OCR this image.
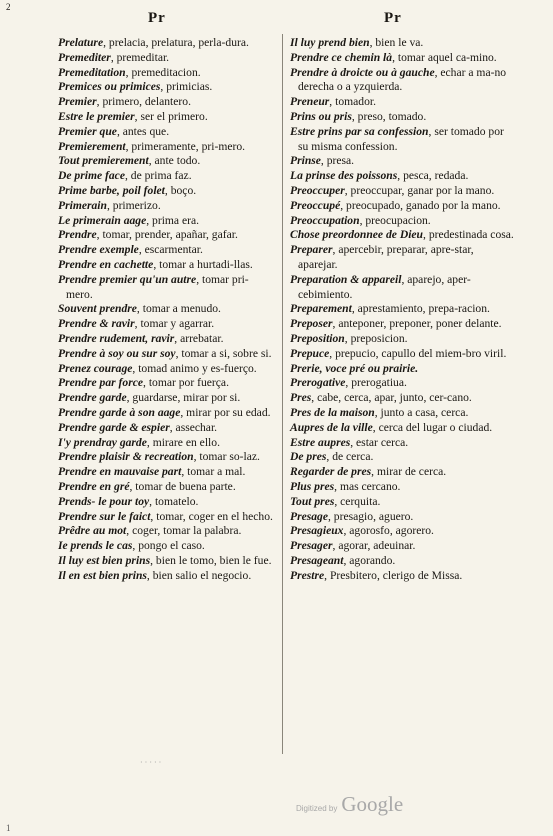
2
Pr	Pr

Prelature, prelacia, prelatura, perla-dura.

Premediter, premeditar.

Premeditation, premeditacion.

Premices ou primices, primicias.

Premier, primero, delantero.

Estre le premier, ser el primero.

Premier que, antes que.

Premierement, primeramente, pri-mero.

Tout premierement, ante todo.

De prime face, de prima faz.

Prime barbe, poil folet, boço.

Primerain, primerizo.

Le primerain aage, prima era.

Prendre, tomar, prender, apañar, gafar.

Prendre exemple, escarmentar.

Prendre en cachette, tomar a hurtadi-llas.

Prendre premier qu'un autre, tomar pri-mero.

Souvent prendre, tomar a menudo.

Prendre & ravir, tomar y agarrar.

Prendre rudement, ravir, arrebatar.

Prendre à soy ou sur soy, tomar a si, sobre si.

Prenez courage, tomad animo y es-fuerço.

Prendre par force, tomar por fuerça.

Prendre garde, guardarse, mirar por si.

Prendre garde à son aage, mirar por su edad.

Prendre garde & espier, assechar.

I'y prendray garde, mirare en ello.

Prendre plaisir & recreation, tomar so-laz.

Prendre en mauvaise part, tomar a mal.

Prendre en gré, tomar de buena parte.

Prends- le pour toy, tomatelo.

Prendre sur le faict, tomar, coger en el hecho.

Prêdre au mot, coger, tomar la palabra.

Ie prends le cas, pongo el caso.

Il luy est bien prins, bien le tomo, bien le fue.

Il en est bien prins, bien salio el negocio.

Il luy prend bien, bien le va.

Prendre ce chemin là, tomar aquel ca-mino.

Prendre à droicte ou à gauche, echar a ma-no derecha o a yzquierda.

Preneur, tomador.

Prins ou pris, preso, tomado.

Estre prins par sa confession, ser tomado por su misma confession.

Prinse, presa.

La prinse des poissons, pesca, redada.

Preoccuper, preoccupar, ganar por la mano.

Preoccupé, preocupado, ganado por la mano.

Preoccupation, preocupacion.

Chose preordonnee de Dieu, predestinada cosa.

Preparer, apercebir, preparar, apre-star, aparejar.

Preparation & appareil, aparejo, aper-cebimiento.

Preparement, aprestamiento, prepa-racion.

Preposer, anteponer, preponer, poner delante.

Preposition, preposicion.

Prepuce, prepucio, capullo del miem-bro viril.

Prerie, voce pré ou prairie.

Prerogative, prerogatiua.

Pres, cabe, cerca, apar, junto, cer-cano.

Pres de la maison, junto a casa, cerca.

Aupres de la ville, cerca del lugar o ciudad.

Estre aupres, estar cerca.

De pres, de cerca.

Regarder de pres, mirar de cerca.

Plus pres, mas cercano.

Tout pres, cerquita.

Presage, presagio, aguero.

Presagieux, agorosfo, agorero.

Presager, agorar, adeuinar.

Presageant, agorando.

Prestre, Presbitero, clerigo de Missa.

· · · · ·
Digitized by Google
1
